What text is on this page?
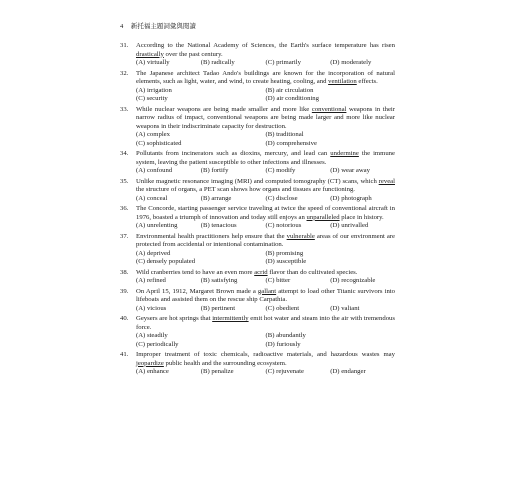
4 新托福主題詞彙與閱讀
31. According to the National Academy of Sciences, the Earth's surface temperature has risen drastically over the past century.
(A) virtually	(B) radically	(C) primarily	(D) moderately
32. The Japanese architect Tadao Ando's buildings are known for the incorporation of natural elements, such as light, water, and wind, to create heating, cooling, and ventilation effects.
(A) irrigation	(B) air circulation
(C) security	(D) air conditioning
33. While nuclear weapons are being made smaller and more like conventional weapons in their narrow radius of impact, conventional weapons are being made larger and more like nuclear weapons in their indiscriminate capacity for destruction.
(A) complex	(B) traditional
(C) sophisticated	(D) comprehensive
34. Pollutants from incinerators such as dioxins, mercury, and lead can undermine the immune system, leaving the patient susceptible to other infections and illnesses.
(A) confound	(B) fortify	(C) modify	(D) wear away
35. Unlike magnetic resonance imaging (MRI) and computed tomography (CT) scans, which reveal the structure of organs, a PET scan shows how organs and tissues are functioning.
(A) conceal	(B) arrange	(C) disclose	(D) photograph
36. The Concorde, starting passenger service traveling at twice the speed of conventional aircraft in 1976, boasted a triumph of innovation and today still enjoys an unparalleled place in history.
(A) unrelenting	(B) tenacious	(C) notorious	(D) unrivalled
37. Environmental health practitioners help ensure that the vulnerable areas of our environment are protected from accidental or intentional contamination.
(A) deprived	(B) promising
(C) densely populated	(D) susceptible
38. Wild cranberries tend to have an even more acrid flavor than do cultivated species.
(A) refined	(B) satisfying	(C) bitter	(D) recognizable
39. On April 15, 1912, Margaret Brown made a gallant attempt to load other Titanic survivors into lifeboats and assisted them on the rescue ship Carpathia.
(A) vicious	(B) pertinent	(C) obedient	(D) valiant
40. Geysers are hot springs that intermittently emit hot water and steam into the air with tremendous force.
(A) steadily	(B) abundantly
(C) periodically	(D) furiously
41. Improper treatment of toxic chemicals, radioactive materials, and hazardous wastes may jeopardize public health and the surrounding ecosystem.
(A) enhance	(B) penalize	(C) rejuvenate	(D) endanger
